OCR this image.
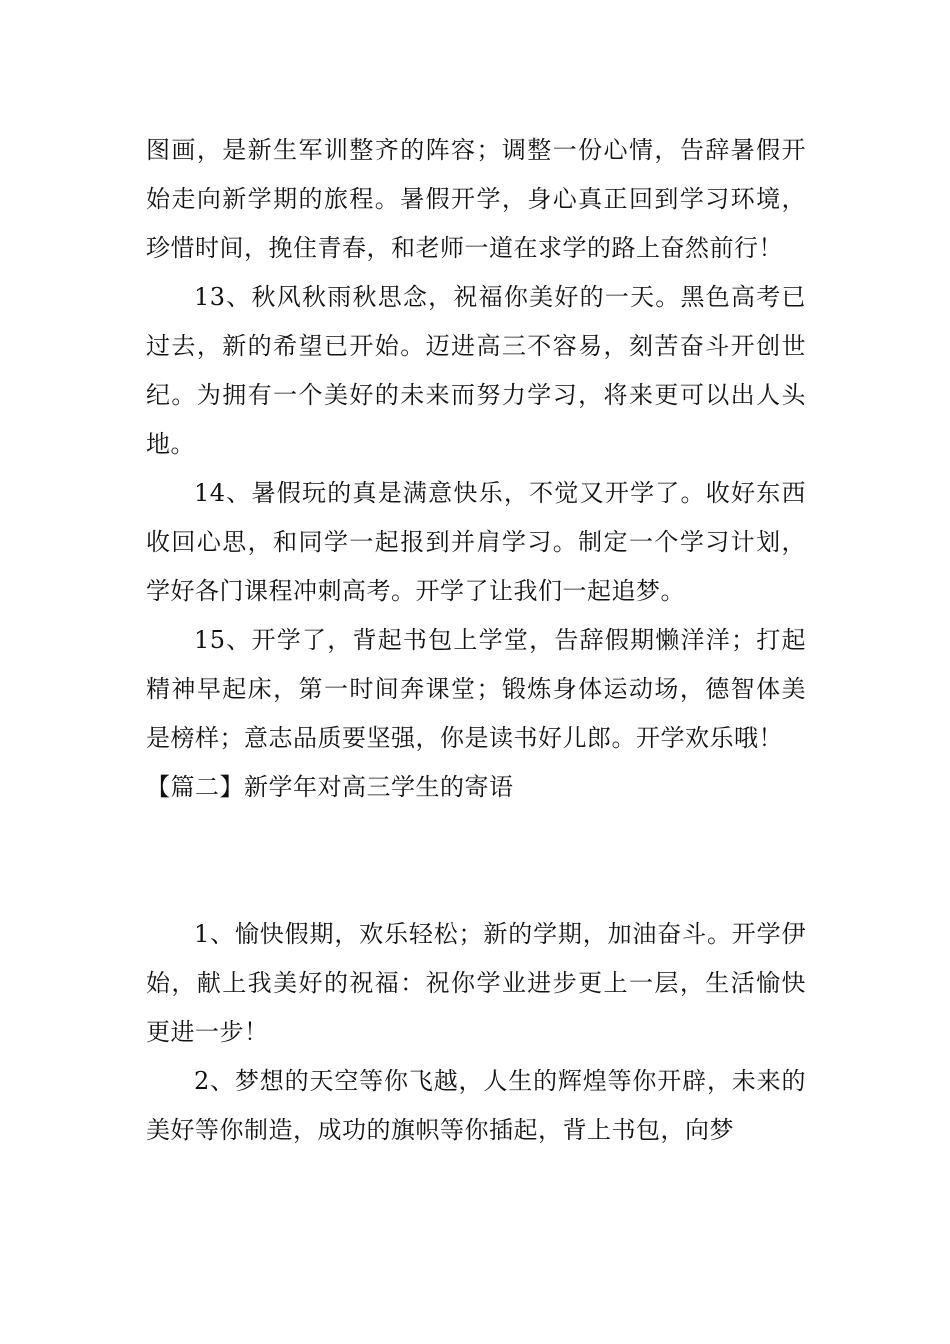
图画，是新生军训整齐的阵容；调整一份心情，告辞暑假开始走向新学期的旅程。暑假开学，身心真正回到学习环境，珍惜时间，挽住青春，和老师一道在求学的路上奋然前行！

13、秋风秋雨秋思念，祝福你美好的一天。黑色高考已过去，新的希望已开始。迈进高三不容易，刻苦奋斗开创世纪。为拥有一个美好的未来而努力学习，将来更可以出人头地。

14、暑假玩的真是满意快乐，不觉又开学了。收好东西收回心思，和同学一起报到并肩学习。制定一个学习计划，学好各门课程冲刺高考。开学了让我们一起追梦。

15、开学了，背起书包上学堂，告辞假期懒洋洋；打起精神早起床，第一时间奔课堂；锻炼身体运动场，德智体美是榜样；意志品质要坚强，你是读书好儿郎。开学欢乐哦！

【篇二】新学年对高三学生的寄语

1、愉快假期，欢乐轻松；新的学期，加油奋斗。开学伊始，献上我美好的祝福：祝你学业进步更上一层，生活愉快更进一步！

2、梦想的天空等你飞越，人生的辉煌等你开辟，未来的美好等你制造，成功的旗帜等你插起，背上书包，向梦
